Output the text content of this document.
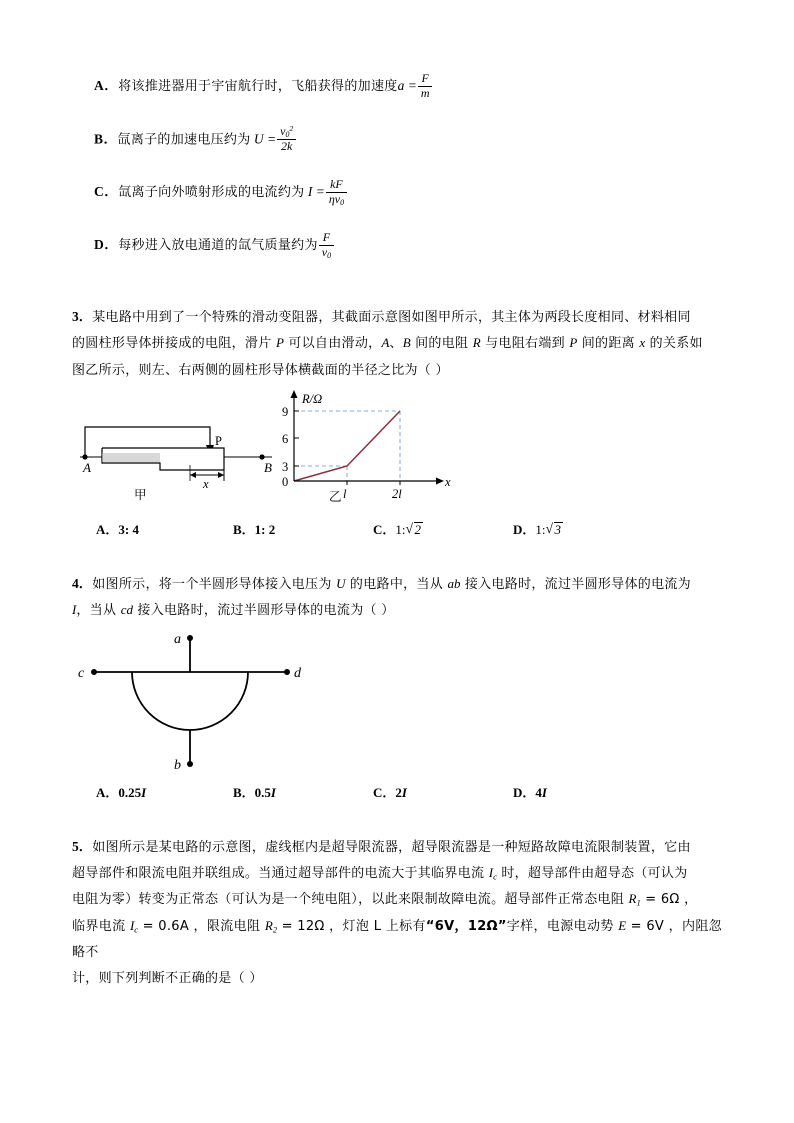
A．将该推进器用于宇宙航行时，飞船获得的加速度$a = \frac{F}{m}$
B．氙离子的加速电压约为 $U = \frac{v_0^2}{2k}$
C．氙离子向外喷射形成的电流约为 $I = \frac{kF}{\eta v_0}$
D．每秒进入放电通道的氙气质量约为 $\frac{F}{v_0}$
3．某电路中用到了一个特殊的滑动变阻器，其截面示意图如图甲所示，其主体为两段长度相同、材料相同
的圆柱形导体拼接成的电阻，滑片 P 可以自由滑动，A、B 间的电阻 R 与电阻右端到 P 间的距离 x 的关系如
图乙所示，则左、右两侧的圆柱形导体横截面的半径之比为（ ）
A	B
P
x
甲
R/Ω
x
0
3
6
9
l	2l
乙
A．3: 4	B．1: 2	C．1: √ 2	D．1: √ 3
4．如图所示，将一个半圆形导体接入电压为 U 的电路中，当从 ab 接入电路时，流过半圆形导体的电流为
I，当从 cd 接入电路时，流过半圆形导体的电流为（ ）
a
b
c	d
A．0.25I	B．0.5I	C．2I	D．4I
5．如图所示是某电路的示意图，虚线框内是超导限流器，超导限流器是一种短路故障电流限制装置，它由
超导部件和限流电阻并联组成。当通过超导部件的电流大于其临界电流 $I_c$ 时，超导部件由超导态（可认为
电阻为零）转变为正常态（可认为是一个纯电阻），以此来限制故障电流。超导部件正常态电阻 $R_1 = 6\Omega$ ，
临界电流 $I_c = 0.6A$ ，限流电阻 $R_2 = 12\Omega$ ，灯泡 L 上标有“6V，12Ω”字样，电源电动势 E = 6V ，内阻忽略不
计，则下列判断不正确的是（ ）
